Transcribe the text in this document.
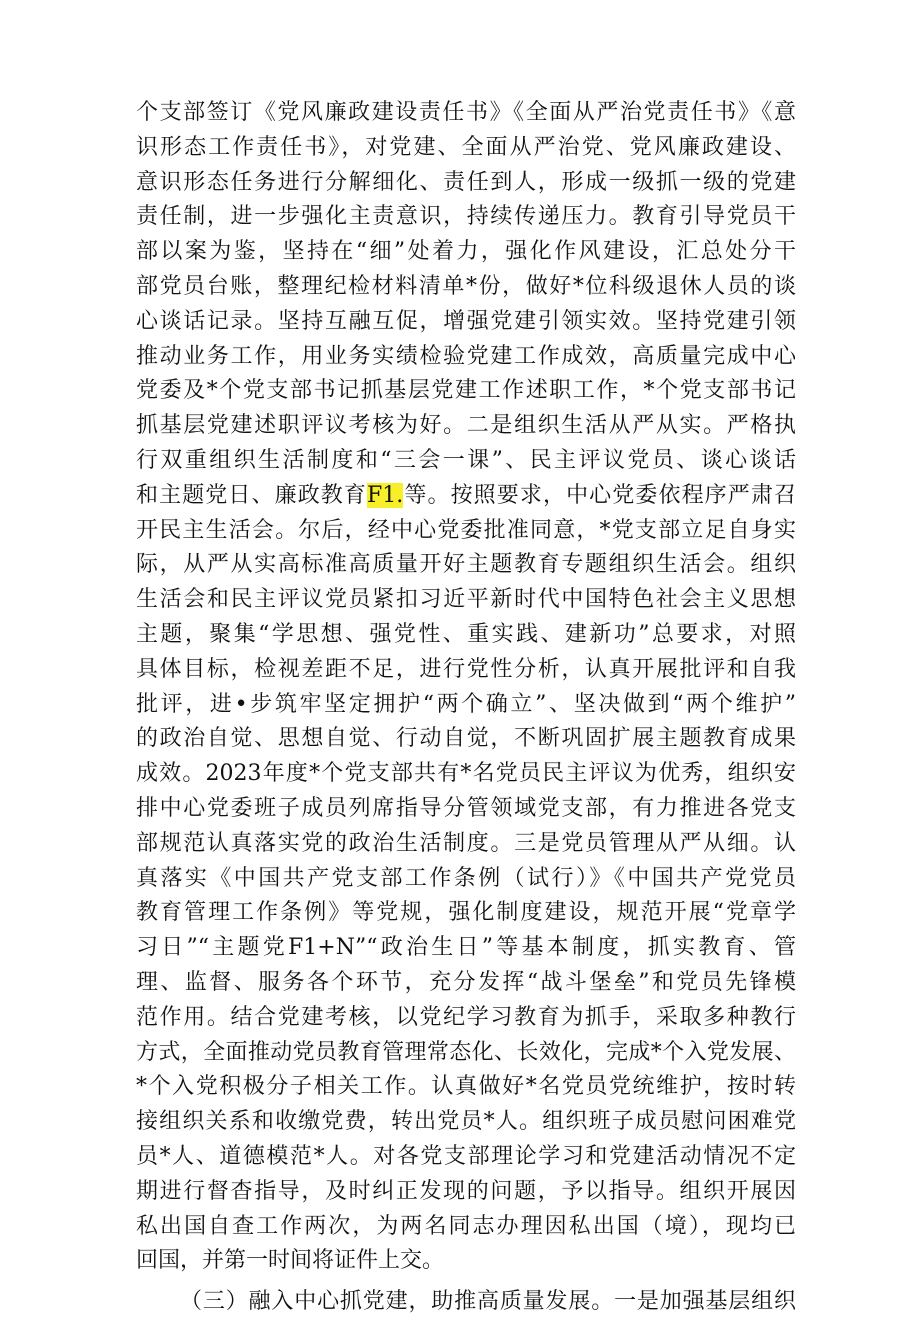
个支部签订《党风廉政建设责任书》《全面从严治党责任书》《意
识形态工作责任书》，对党建、全面从严治党、党风廉政建设、
意识形态任务进行分解细化、责任到人，形成一级抓一级的党建
责任制，进一步强化主责意识，持续传递压力。教育引导党员干
部以案为鉴，坚持在“细”处着力，强化作风建设，汇总处分干
部党员台账，整理纪检材料清单*份，做好*位科级退休人员的谈
心谈话记录。坚持互融互促，增强党建引领实效。坚持党建引领
推动业务工作，用业务实绩检验党建工作成效，高质量完成中心
党委及*个党支部书记抓基层党建工作述职工作，*个党支部书记
抓基层党建述职评议考核为好。二是组织生活从严从实。严格执
行双重组织生活制度和“三会一课”、民主评议党员、谈心谈话
和主题党日、廉政教育F1.等。按照要求，中心党委依程序严肃召
开民主生活会。尔后，经中心党委批准同意，*党支部立足自身实
际，从严从实高标准高质量开好主题教育专题组织生活会。组织
生活会和民主评议党员紧扣习近平新时代中国特色社会主义思想
主题，聚集“学思想、强党性、重实践、建新功”总要求，对照
具体目标，检视差距不足，进行党性分析，认真开展批评和自我
批评，进•步筑牢坚定拥护“两个确立”、坚决做到“两个维护”
的政治自觉、思想自觉、行动自觉，不断巩固扩展主题教育成果
成效。2023年度*个党支部共有*名党员民主评议为优秀，组织安
排中心党委班子成员列席指导分管领域党支部，有力推进各党支
部规范认真落实党的政治生活制度。三是党员管理从严从细。认
真落实《中国共产党支部工作条例（试行）》《中国共产党党员
教育管理工作条例》等党规，强化制度建设，规范开展“党章学
习日”“主题党F1+N”“政治生日”等基本制度，抓实教育、管
理、监督、服务各个环节，充分发挥“战斗堡垒”和党员先锋模
范作用。结合党建考核，以党纪学习教育为抓手，采取多种教行
方式，全面推动党员教育管理常态化、长效化，完成*个入党发展、
*个入党积极分子相关工作。认真做好*名党员党统维护，按时转
接组织关系和收缴党费，转出党员*人。组织班子成员慰问困难党
员*人、道德模范*人。对各党支部理论学习和党建活动情况不定
期进行督杳指导，及时纠正发现的问题，予以指导。组织开展因
私出国自查工作两次，为两名同志办理因私出国（境），现均已
回国，并第一时间将证件上交。
（三）融入中心抓党建，助推高质量发展。一是加强基层组织
